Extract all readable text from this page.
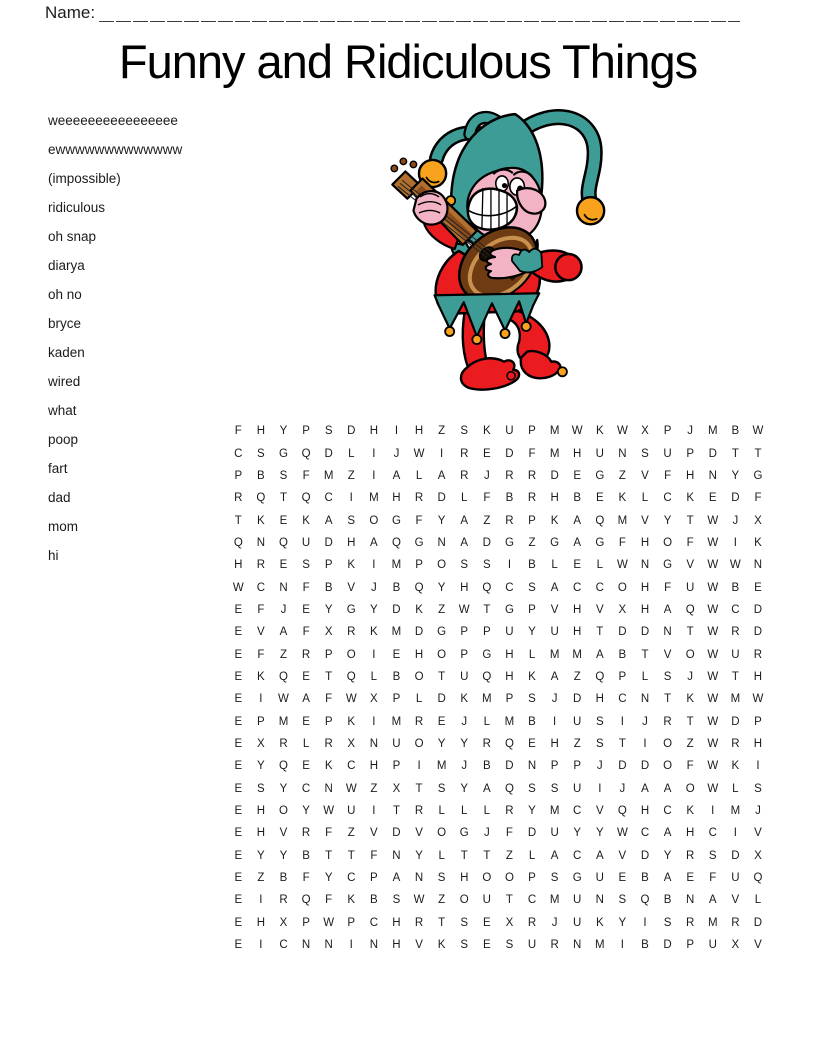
Name:
Funny and Ridiculous Things
weeeeeeeeeeeeeeee
ewwwwwwwwwwwww
(impossible)
ridiculous
oh snap
diarya
oh no
bryce
kaden
wired
what
poop
fart
dad
mom
hi
F	H	Y	P	S	D	H	I	H	Z	S	K	U	P	M	W	K	W	X	P	J	M	B	W
C	S	G	Q	D	L	I	J	W	I	R	E	D	F	M	H	U	N	S	U	P	D	T	T
P	B	S	F	M	Z	I	A	L	A	R	J	R	R	D	E	G	Z	V	F	H	N	Y	G
R	Q	T	Q	C	I	M	H	R	D	L	F	B	R	H	B	E	K	L	C	K	E	D	F
T	K	E	K	A	S	O	G	F	Y	A	Z	R	P	K	A	Q	M	V	Y	T	W	J	X
Q	N	Q	U	D	H	A	Q	G	N	A	D	G	Z	G	A	G	F	H	O	F	W	I	K
H	R	E	S	P	K	I	M	P	O	S	S	I	B	L	E	L	W	N	G	V	W	W	N
W	C	N	F	B	V	J	B	Q	Y	H	Q	C	S	A	C	C	O	H	F	U	W	B	E
E	F	J	E	Y	G	Y	D	K	Z	W	T	G	P	V	H	V	X	H	A	Q	W	C	D
E	V	A	F	X	R	K	M	D	G	P	P	U	Y	U	H	T	D	D	N	T	W	R	D
E	F	Z	R	P	O	I	E	H	O	P	G	H	L	M	M	A	B	T	V	O	W	U	R
E	K	Q	E	T	Q	L	B	O	T	U	Q	H	K	A	Z	Q	P	L	S	J	W	T	H
E	I	W	A	F	W	X	P	L	D	K	M	P	S	J	D	H	C	N	T	K	W	M	W
E	P	M	E	P	K	I	M	R	E	J	L	M	B	I	U	S	I	J	R	T	W	D	P
E	X	R	L	R	X	N	U	O	Y	Y	R	Q	E	H	Z	S	T	I	O	Z	W	R	H
E	Y	Q	E	K	C	H	P	I	M	J	B	D	N	P	P	J	D	D	O	F	W	K	I
E	S	Y	C	N	W	Z	X	T	S	Y	A	Q	S	S	U	I	J	A	A	O	W	L	S
E	H	O	Y	W	U	I	T	R	L	L	L	R	Y	M	C	V	Q	H	C	K	I	M	J
E	H	V	R	F	Z	V	D	V	O	G	J	F	D	U	Y	Y	W	C	A	H	C	I	V
E	Y	Y	B	T	T	F	N	Y	L	T	T	Z	L	A	C	A	V	D	Y	R	S	D	X
E	Z	B	F	Y	C	P	A	N	S	H	O	O	P	S	G	U	E	B	A	E	F	U	Q
E	I	R	Q	F	K	B	S	W	Z	O	U	T	C	M	U	N	S	Q	B	N	A	V	L
E	H	X	P	W	P	C	H	R	T	S	E	X	R	J	U	K	Y	I	S	R	M	R	D
E	I	C	N	N	I	N	H	V	K	S	E	S	U	R	N	M	I	B	D	P	U	X	V
